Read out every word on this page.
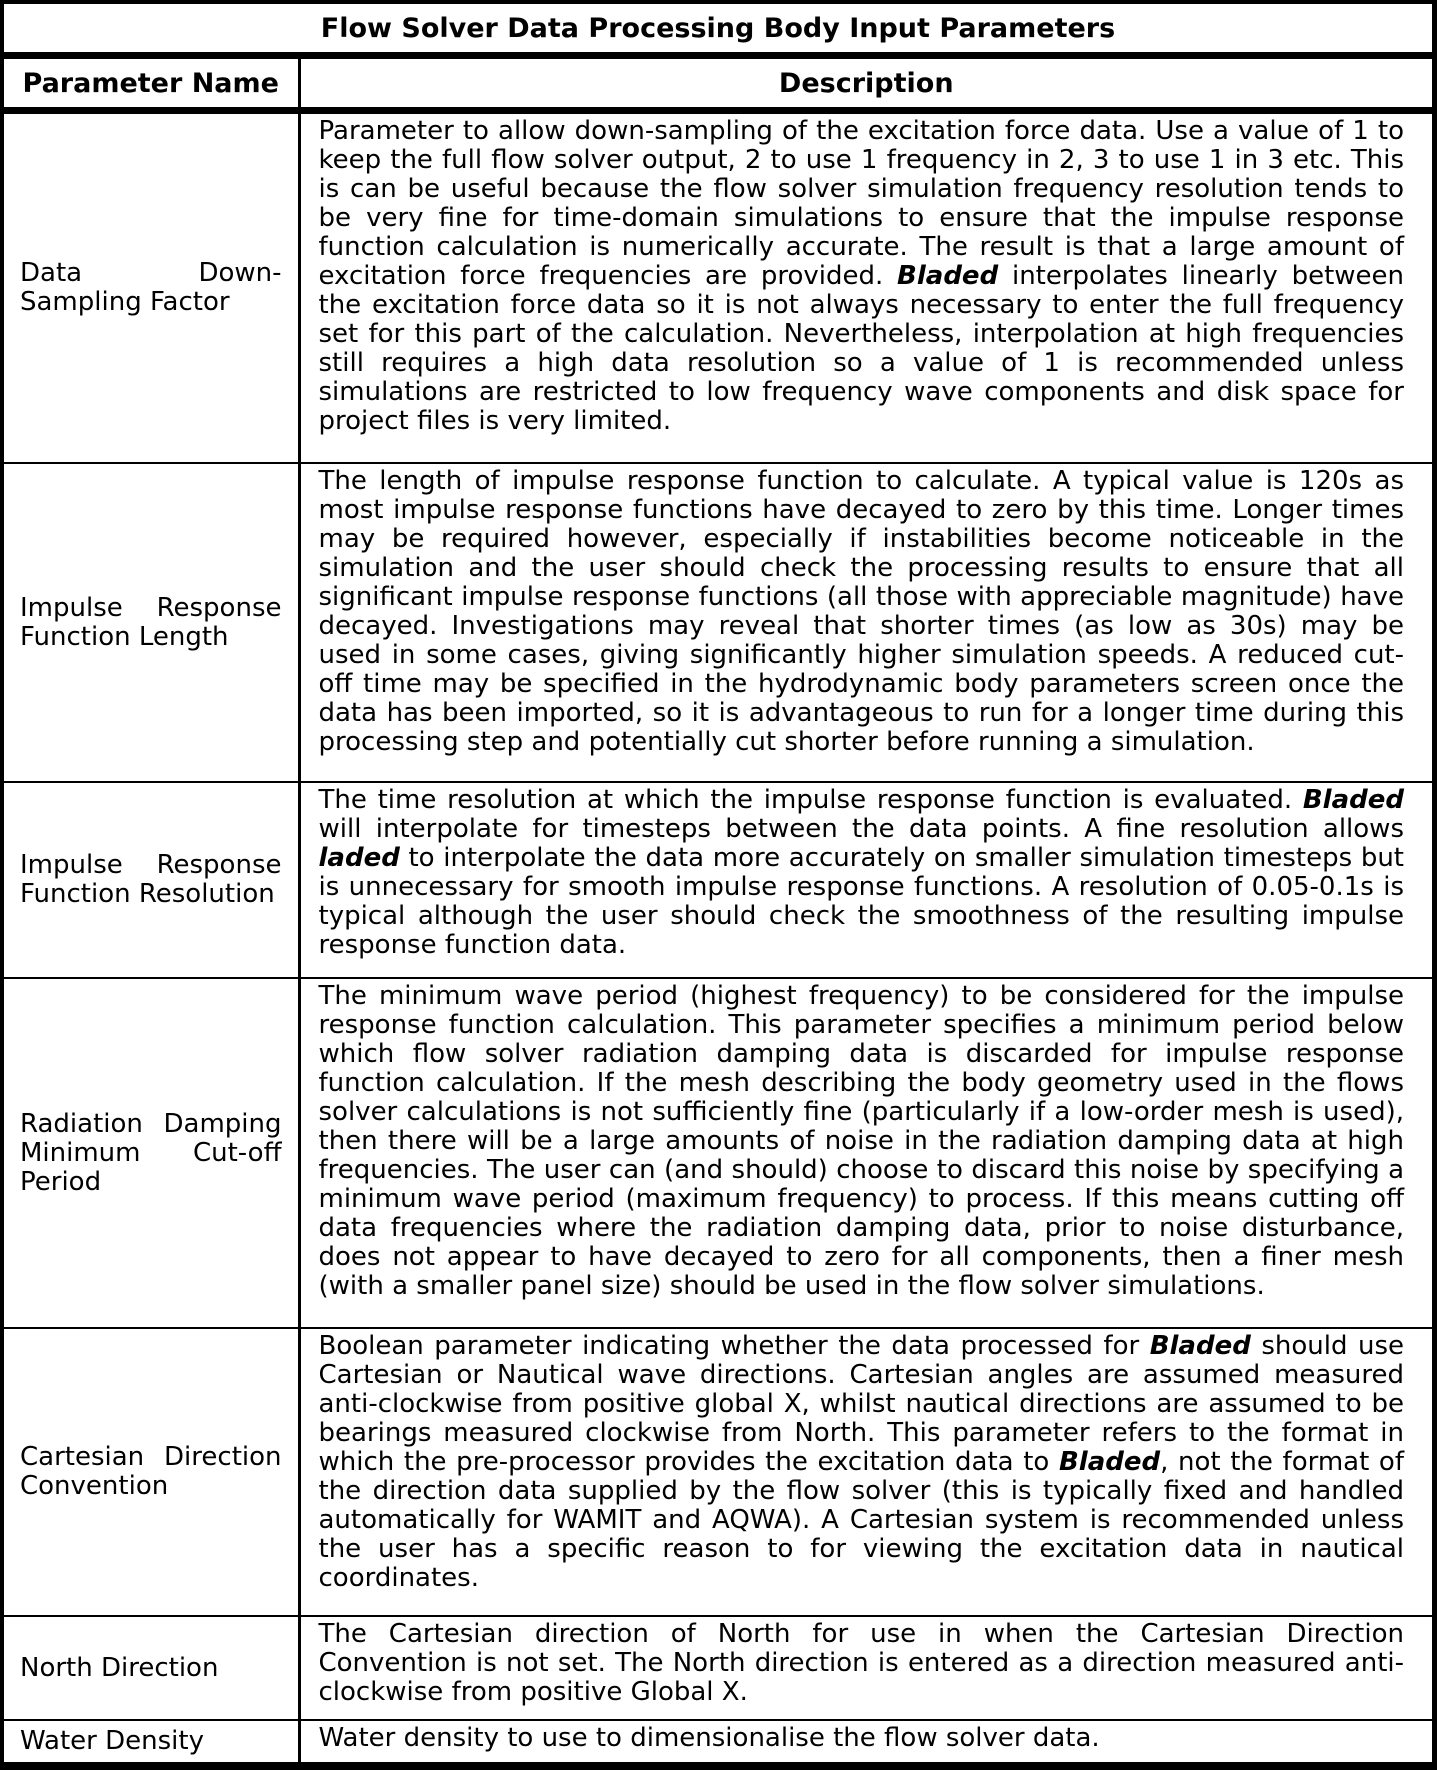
Flow Solver Data Processing Body Input Parameters	
Parameter Name	Description
Data Down-Sampling Factor	Parameter to allow down-sampling of the excitation force data. Use a value of 1 to keep the full flow solver output, 2 to use 1 frequency in 2, 3 to use 1 in 3 etc. This is can be useful because the flow solver simulation frequency resolution tends to be very fine for time-domain simulations to ensure that the impulse response function calculation is numerically accurate. The result is that a large amount of excitation force frequencies are provided. Bladed interpolates linearly between the excitation force data so it is not always necessary to enter the full frequency set for this part of the calculation. Nevertheless, interpolation at high frequencies still requires a high data resolution so a value of 1 is recommended unless simulations are restricted to low frequency wave components and disk space for project files is very limited.
Impulse Response Function Length	The length of impulse response function to calculate. A typical value is 120s as most impulse response functions have decayed to zero by this time. Longer times may be required however, especially if instabilities become noticeable in the simulation and the user should check the processing results to ensure that all significant impulse response functions (all those with appreciable magnitude) have decayed. Investigations may reveal that shorter times (as low as 30s) may be used in some cases, giving significantly higher simulation speeds. A reduced cut-off time may be specified in the hydrodynamic body parameters screen once the data has been imported, so it is advantageous to run for a longer time during this processing step and potentially cut shorter before running a simulation.
Impulse Response Function Resolution	The time resolution at which the impulse response function is evaluated. Bladed will interpolate for timesteps between the data points. A fine resolution allows laded to interpolate the data more accurately on smaller simulation timesteps but is unnecessary for smooth impulse response functions. A resolution of 0.05-0.1s is typical although the user should check the smoothness of the resulting impulse response function data.
Radiation Damping Minimum Cut-off Period	The minimum wave period (highest frequency) to be considered for the impulse response function calculation. This parameter specifies a minimum period below which flow solver radiation damping data is discarded for impulse response function calculation. If the mesh describing the body geometry used in the flows solver calculations is not sufficiently fine (particularly if a low-order mesh is used), then there will be a large amounts of noise in the radiation damping data at high frequencies. The user can (and should) choose to discard this noise by specifying a minimum wave period (maximum frequency) to process. If this means cutting off data frequencies where the radiation damping data, prior to noise disturbance, does not appear to have decayed to zero for all components, then a finer mesh (with a smaller panel size) should be used in the flow solver simulations.
Cartesian Direction Convention	Boolean parameter indicating whether the data processed for Bladed should use Cartesian or Nautical wave directions. Cartesian angles are assumed measured anti-clockwise from positive global X, whilst nautical directions are assumed to be bearings measured clockwise from North. This parameter refers to the format in which the pre-processor provides the excitation data to Bladed, not the format of the direction data supplied by the flow solver (this is typically fixed and handled automatically for WAMIT and AQWA). A Cartesian system is recommended unless the user has a specific reason to for viewing the excitation data in nautical coordinates.
North Direction	The Cartesian direction of North for use in when the Cartesian Direction Convention is not set. The North direction is entered as a direction measured anti-clockwise from positive Global X.
Water Density	Water density to use to dimensionalise the flow solver data.
